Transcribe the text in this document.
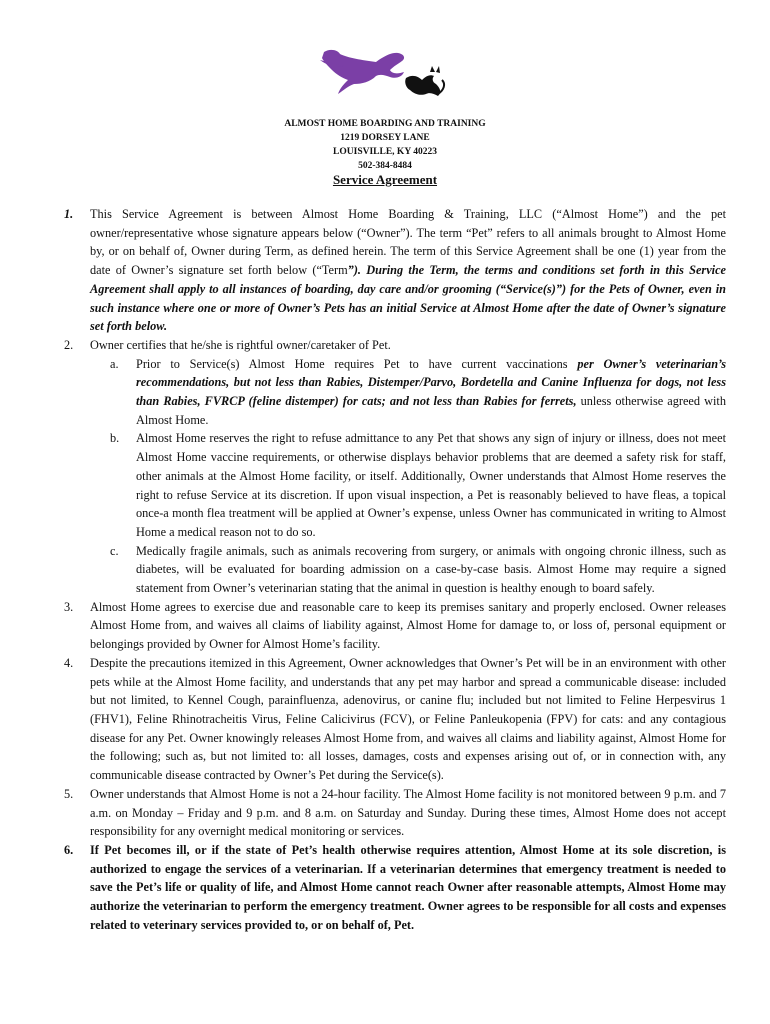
ALMOST HOME BOARDING AND TRAINING
1219 DORSEY LANE
LOUISVILLE, KY 40223
502-384-8484
Service Agreement
1. This Service Agreement is between Almost Home Boarding & Training, LLC (“Almost Home”) and the pet owner/representative whose signature appears below (“Owner”). The term “Pet” refers to all animals brought to Almost Home by, or on behalf of, Owner during Term, as defined herein. The term of this Service Agreement shall be one (1) year from the date of Owner’s signature set forth below (“Term”). During the Term, the terms and conditions set forth in this Service Agreement shall apply to all instances of boarding, day care and/or grooming (“Service(s)”) for the Pets of Owner, even in such instance where one or more of Owner’s Pets has an initial Service at Almost Home after the date of Owner’s signature set forth below.
2. Owner certifies that he/she is rightful owner/caretaker of Pet.
a. Prior to Service(s) Almost Home requires Pet to have current vaccinations per Owner’s veterinarian’s recommendations, but not less than Rabies, Distemper/Parvo, Bordetella and Canine Influenza for dogs, not less than Rabies, FVRCP (feline distemper) for cats; and not less than Rabies for ferrets, unless otherwise agreed with Almost Home.
b. Almost Home reserves the right to refuse admittance to any Pet that shows any sign of injury or illness, does not meet Almost Home vaccine requirements, or otherwise displays behavior problems that are deemed a safety risk for staff, other animals at the Almost Home facility, or itself. Additionally, Owner understands that Almost Home reserves the right to refuse Service at its discretion. If upon visual inspection, a Pet is reasonably believed to have fleas, a topical once-a month flea treatment will be applied at Owner’s expense, unless Owner has communicated in writing to Almost Home a medical reason not to do so.
c. Medically fragile animals, such as animals recovering from surgery, or animals with ongoing chronic illness, such as diabetes, will be evaluated for boarding admission on a case-by-case basis. Almost Home may require a signed statement from Owner’s veterinarian stating that the animal in question is healthy enough to board safely.
3. Almost Home agrees to exercise due and reasonable care to keep its premises sanitary and properly enclosed. Owner releases Almost Home from, and waives all claims of liability against, Almost Home for damage to, or loss of, personal equipment or belongings provided by Owner for Almost Home’s facility.
4. Despite the precautions itemized in this Agreement, Owner acknowledges that Owner’s Pet will be in an environment with other pets while at the Almost Home facility, and understands that any pet may harbor and spread a communicable disease: included but not limited, to Kennel Cough, parainfluenza, adenovirus, or canine flu; included but not limited to Feline Herpesvirus 1 (FHV1), Feline Rhinotracheitis Virus, Feline Calicivirus (FCV), or Feline Panleukopenia (FPV) for cats: and any contagious disease for any Pet. Owner knowingly releases Almost Home from, and waives all claims and liability against, Almost Home for the following; such as, but not limited to: all losses, damages, costs and expenses arising out of, or in connection with, any communicable disease contracted by Owner’s Pet during the Service(s).
5. Owner understands that Almost Home is not a 24-hour facility. The Almost Home facility is not monitored between 9 p.m. and 7 a.m. on Monday – Friday and 9 p.m. and 8 a.m. on Saturday and Sunday. During these times, Almost Home does not accept responsibility for any overnight medical monitoring or services.
6. If Pet becomes ill, or if the state of Pet’s health otherwise requires attention, Almost Home at its sole discretion, is authorized to engage the services of a veterinarian. If a veterinarian determines that emergency treatment is needed to save the Pet’s life or quality of life, and Almost Home cannot reach Owner after reasonable attempts, Almost Home may authorize the veterinarian to perform the emergency treatment. Owner agrees to be responsible for all costs and expenses related to veterinary services provided to, or on behalf of, Pet.
